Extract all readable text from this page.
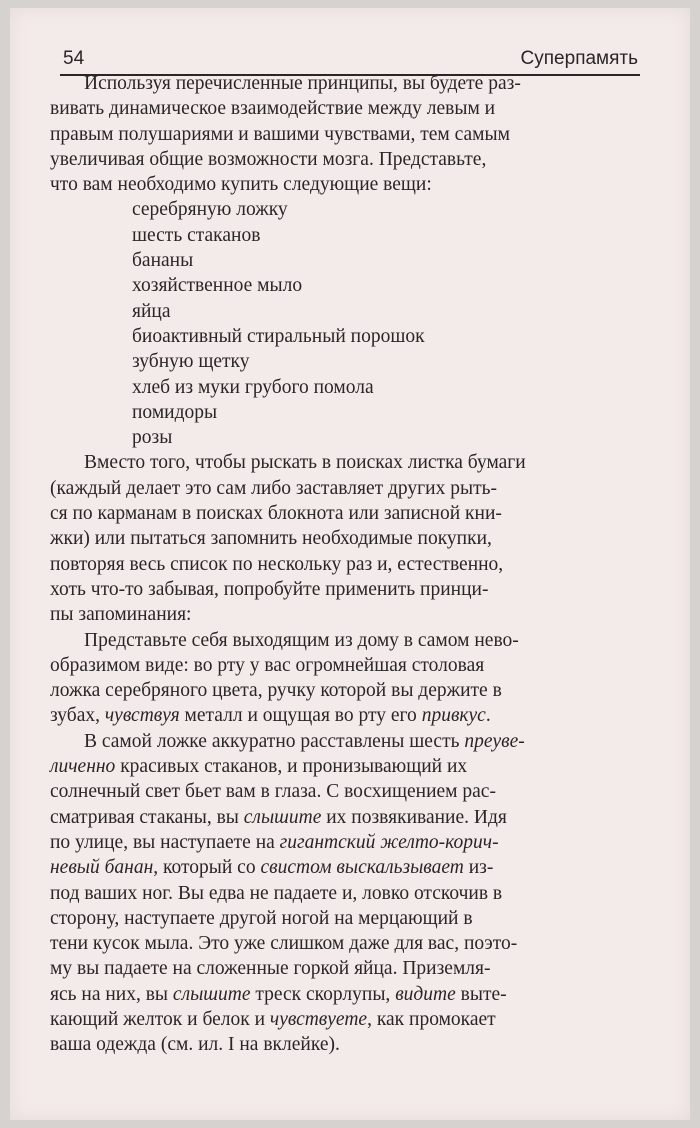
54	Суперпамять

Используя перечисленные принципы, вы будете раз-

вивать динамическое взаимодействие между левым и

правым полушариями и вашими чувствами, тем самым

увеличивая общие возможности мозга. Представьте,

что вам необходимо купить следующие вещи:

серебряную ложку
шесть стаканов
бананы
хозяйственное мыло
яйца
биоактивный стиральный порошок
зубную щетку
хлеб из муки грубого помола
помидоры
розы

Вместо того, чтобы рыскать в поисках листка бумаги

(каждый делает это сам либо заставляет других рыть-

ся по карманам в поисках блокнота или записной кни-

жки) или пытаться запомнить необходимые покупки,

повторяя весь список по нескольку раз и, естественно,

хоть что-то забывая, попробуйте применить принци-

пы запоминания:

Представьте себя выходящим из дому в самом нево-

образимом виде: во рту у вас огромнейшая столовая

ложка серебряного цвета, ручку которой вы держите в

зубах, чувствуя металл и ощущая во рту его привкус.

В самой ложке аккуратно расставлены шесть преуве-

личенно красивых стаканов, и пронизывающий их

солнечный свет бьет вам в глаза. С восхищением рас-

сматривая стаканы, вы слышите их позвякивание. Идя

по улице, вы наступаете на гигантский желто-корич-

невый банан, который со свистом выскальзывает из-

под ваших ног. Вы едва не падаете и, ловко отскочив в

сторону, наступаете другой ногой на мерцающий в

тени кусок мыла. Это уже слишком даже для вас, поэто-

му вы падаете на сложенные горкой яйца. Приземля-

ясь на них, вы слышите треск скорлупы, видите выте-

кающий желток и белок и чувствуете, как промокает

ваша одежда (см. ил. I на вклейке).
